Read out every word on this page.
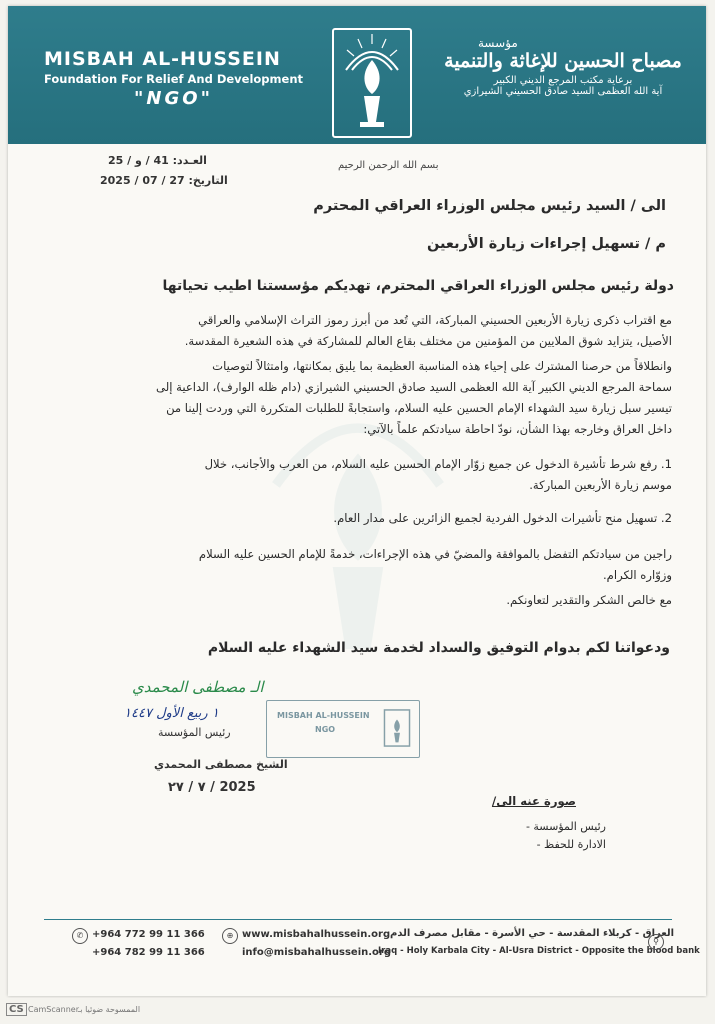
MISBAH AL-HUSSEIN
Foundation For Relief And Development
"NGO"
مؤسسة
مصباح الحسين للإغاثة والتنمية
برعاية مكتب المرجع الديني الكبير
آية الله العظمى السيد صادق الحسيني الشيرازي
بسم الله الرحمن الرحيم
العـدد: 41 / و / 25
التاريخ: 27 / 07 / 2025
الى / السيد رئيس مجلس الوزراء العراقي المحترم
م / تسهيل إجراءات زيارة الأربعين
دولة رئيس مجلس الوزراء العراقي المحترم، تهديكم مؤسستنا اطيب تحياتها
مع اقتراب ذكرى زيارة الأربعين الحسيني المباركة، التي تُعد من أبرز رموز التراث الإسلامي والعراقي
الأصيل، يتزايد شوق الملايين من المؤمنين من مختلف بقاع العالم للمشاركة في هذه الشعيرة المقدسة.
وانطلاقاً من حرصنا المشترك على إحياء هذه المناسبة العظيمة بما يليق بمكانتها، وامتثالاً لتوصيات
سماحة المرجع الديني الكبير آية الله العظمى السيد صادق الحسيني الشيرازي (دام ظله الوارف)، الداعية إلى
تيسير سبل زيارة سيد الشهداء الإمام الحسين عليه السلام، واستجابةً للطلبات المتكررة التي وردت إلينا من
داخل العراق وخارجه بهذا الشأن، نودّ احاطة سيادتكم علماً بالآتي:
1. رفع شرط تأشيرة الدخول عن جميع زوّار الإمام الحسين عليه السلام، من العرب والأجانب، خلال
موسم زيارة الأربعين المباركة.
2. تسهيل منح تأشيرات الدخول الفردية لجميع الزائرين على مدار العام.
راجين من سيادتكم التفضل بالموافقة والمضيّ في هذه الإجراءات، خدمةً للإمام الحسين عليه السلام
وزوّاره الكرام.
مع خالص الشكر والتقدير لتعاونكم.
ودعواتنا لكم بدوام التوفيق والسداد لخدمة سيد الشهداء عليه السلام
الـ مصطفى المحمدي
١ ربيع الأول ١٤٤٧
رئيس المؤسسة
الشيخ مصطفى المحمدي
2025 / ٧ / ٢٧
MISBAH AL-HUSSEIN
NGO
صورة عنه الى/
رئيس المؤسسة -
الادارة للحفظ -
✆ +964 772 99 11 366
+964 782 99 11 366
⊕ www.misbahalhussein.org
info@misbahalhussein.org
العراق - كربلاء المقدسة - حي الأسرة - مقابل مصرف الدم
Iraq - Holy Karbala City - Al-Usra District - Opposite the blood bank
⚲
CS CamScanner
الممسوحة ضوئيا بـ
